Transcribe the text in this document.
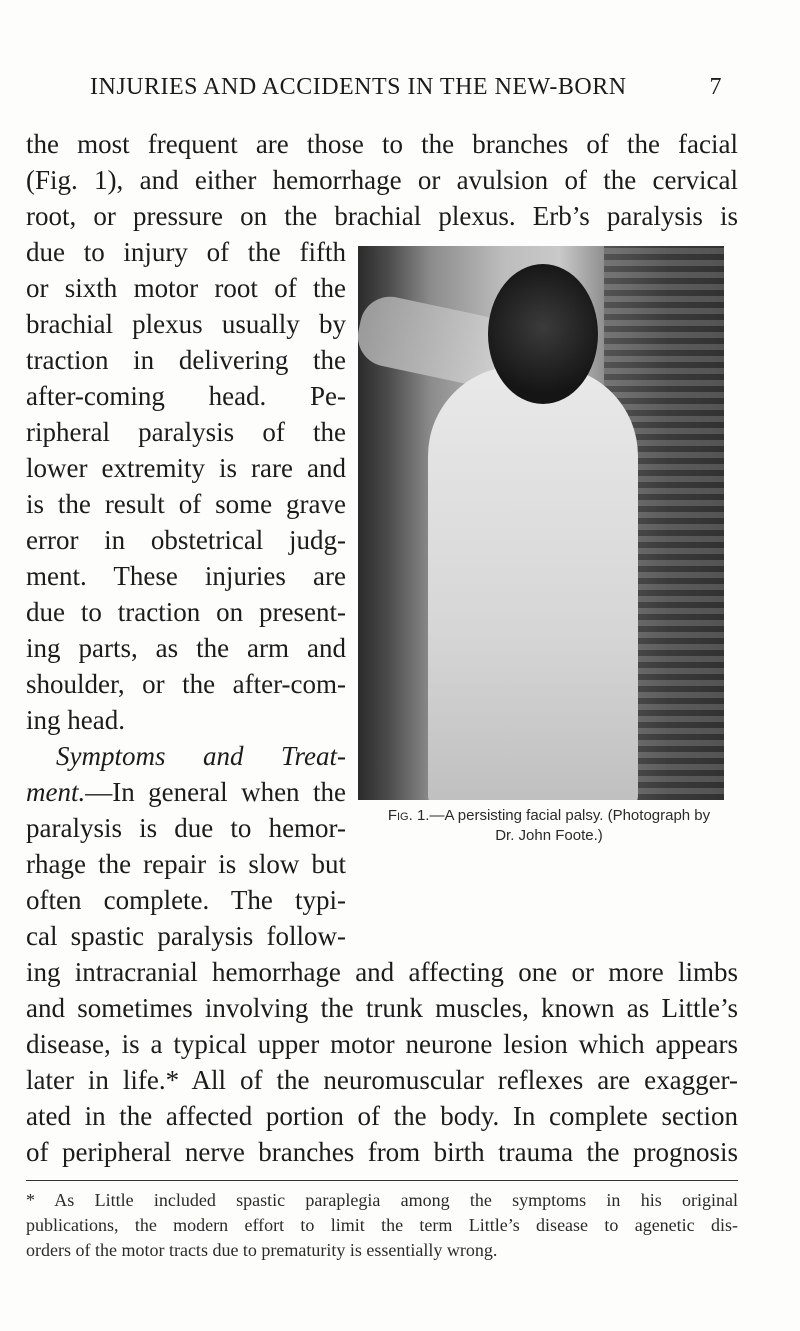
INJURIES AND ACCIDENTS IN THE NEW-BORN	7
the most frequent are those to the branches of the facial
(Fig. 1), and either hemorrhage or avulsion of the cervical
root, or pressure on the brachial plexus. Erb’s paralysis is
due to injury of the fifth
or sixth motor root of the
brachial plexus usually by
traction in delivering the
after-coming head. Pe-
ripheral paralysis of the
lower extremity is rare and
is the result of some grave
error in obstetrical judg-
ment. These injuries are
due to traction on present-
ing parts, as the arm and
shoulder, or the after-com-
ing head.
Symptoms and Treat-
ment.—In general when the
paralysis is due to hemor-
rhage the repair is slow but
often complete. The typi-
cal spastic paralysis follow-
ing intracranial hemorrhage and affecting one or more limbs
and sometimes involving the trunk muscles, known as Little’s
disease, is a typical upper motor neurone lesion which appears
later in life.* All of the neuromuscular reflexes are exagger-
ated in the affected portion of the body. In complete section
of peripheral nerve branches from birth trauma the prognosis
Fig. 1.—A persisting facial palsy. (Photograph by
Dr. John Foote.)
* As Little included spastic paraplegia among the symptoms in his original
publications, the modern effort to limit the term Little’s disease to agenetic dis-
orders of the motor tracts due to prematurity is essentially wrong.
